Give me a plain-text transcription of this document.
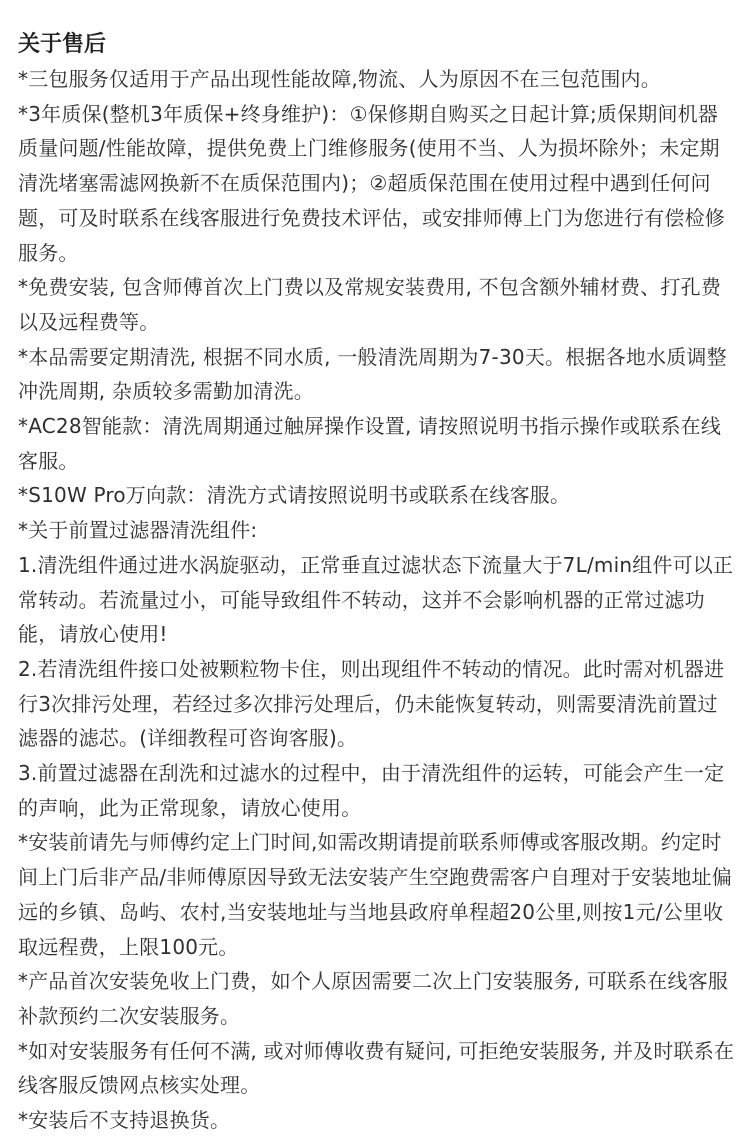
关于售后

*三包服务仅适用于产品出现性能故障,物流、人为原因不在三包范围内。

*3年质保(整机3年质保+终身维护)：①保修期自购买之日起计算;质保期间机器质量问题/性能故障，提供免费上门维修服务(使用不当、人为损坏除外；未定期清洗堵塞需滤网换新不在质保范围内)；②超质保范围在使用过程中遇到任何问题，可及时联系在线客服进行免费技术评估，或安排师傅上门为您进行有偿检修服务。

*免费安装, 包含师傅首次上门费以及常规安装费用, 不包含额外辅材费、打孔费以及远程费等。

*本品需要定期清洗, 根据不同水质, 一般清洗周期为7-30天。根据各地水质调整冲洗周期, 杂质较多需勤加清洗。

*AC28智能款：清洗周期通过触屏操作设置, 请按照说明书指示操作或联系在线客服。

*S10W Pro万向款：清洗方式请按照说明书或联系在线客服。

*关于前置过滤器清洗组件:

1.清洗组件通过进水涡旋驱动，正常垂直过滤状态下流量大于7L/min组件可以正常转动。若流量过小，可能导致组件不转动，这并不会影响机器的正常过滤功能，请放心使用!

2.若清洗组件接口处被颗粒物卡住，则出现组件不转动的情况。此时需对机器进行3次排污处理，若经过多次排污处理后，仍未能恢复转动，则需要清洗前置过滤器的滤芯。(详细教程可咨询客服)。

3.前置过滤器在刮洗和过滤水的过程中，由于清洗组件的运转，可能会产生一定的声响，此为正常现象，请放心使用。

*安装前请先与师傅约定上门时间,如需改期请提前联系师傅或客服改期。约定时间上门后非产品/非师傅原因导致无法安装产生空跑费需客户自理对于安装地址偏远的乡镇、岛屿、农村,当安装地址与当地县政府单程超20公里,则按1元/公里收取远程费，上限100元。

*产品首次安装免收上门费，如个人原因需要二次上门安装服务, 可联系在线客服补款预约二次安装服务。

*如对安装服务有任何不满, 或对师傅收费有疑问, 可拒绝安装服务, 并及时联系在线客服反馈网点核实处理。

*安装后不支持退换货。
